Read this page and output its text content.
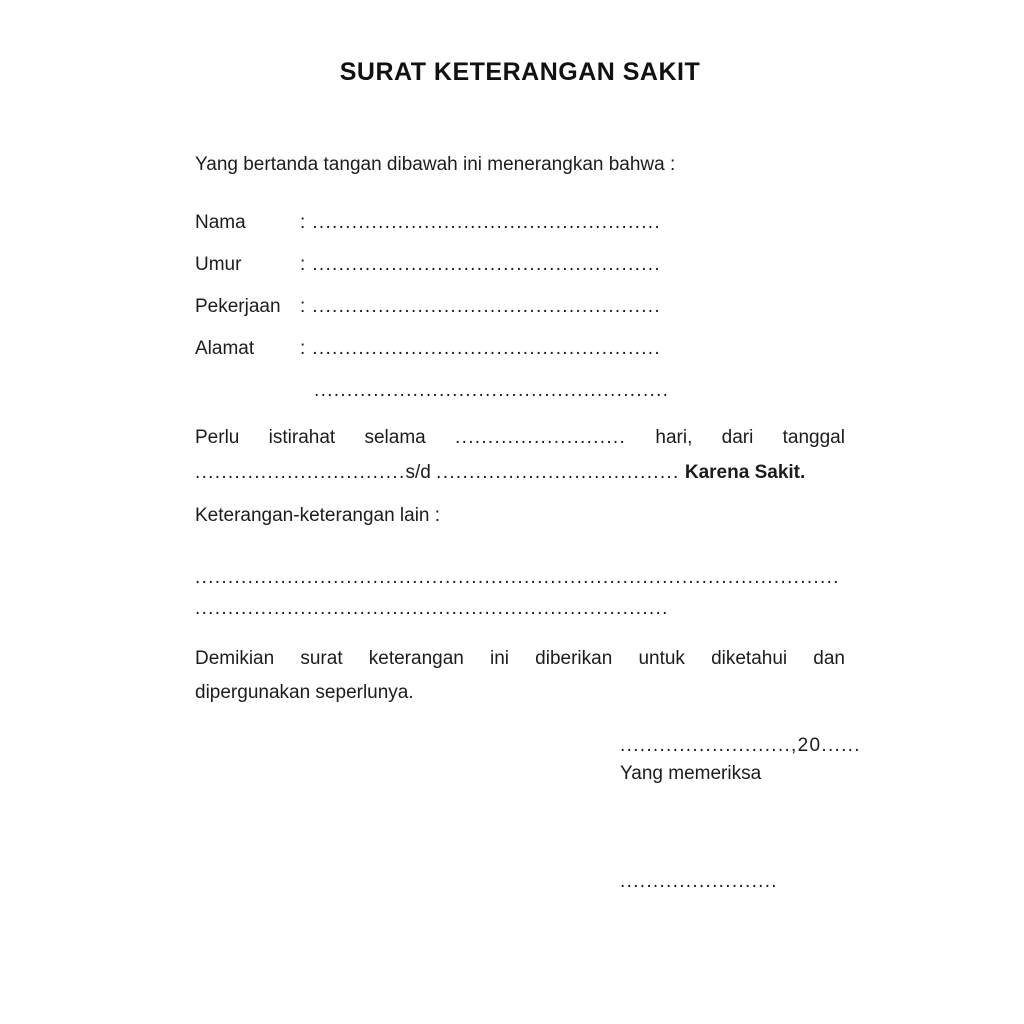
SURAT KETERANGAN SAKIT

Yang bertanda tangan dibawah ini menerangkan bahwa :

Nama	: .....................................................
Umur	: .....................................................
Pekerjaan	: .....................................................
Alamat	: .....................................................
......................................................
Perlu istirahat selama .......................... hari, dari tanggal
................................s/d ..................................... Karena Sakit.

Keterangan-keterangan lain :

..................................................................................................
........................................................................
Demikian surat keterangan ini diberikan untuk diketahui dan
dipergunakan seperlunya.
..........................,20......
Yang memeriksa
........................
